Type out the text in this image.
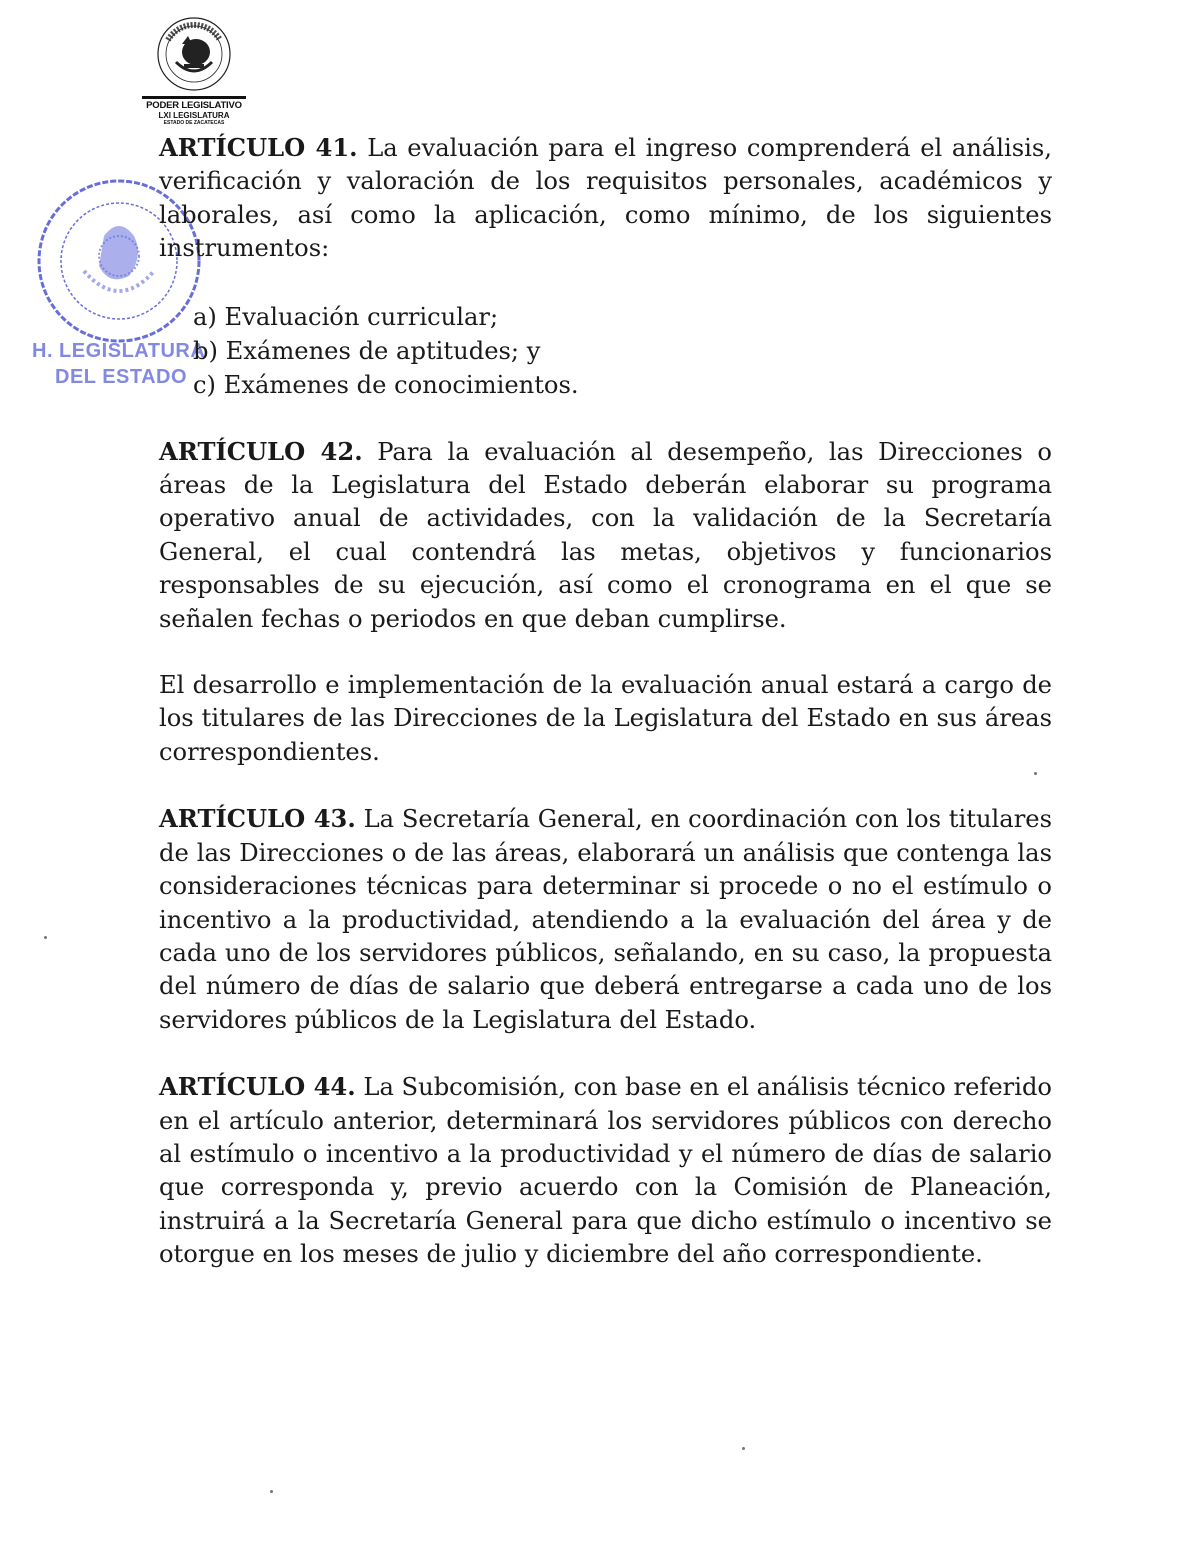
PODER LEGISLATIVO
LXI LEGISLATURA
ESTADO DE ZACATECAS
H. LEGISLATURA
DEL ESTADO

ARTÍCULO 41. La evaluación para el ingreso comprenderá el análisis, verificación y valoración de los requisitos personales, académicos y laborales, así como la aplicación, como mínimo, de los siguientes instrumentos:

a) Evaluación curricular;
b) Exámenes de aptitudes; y
c) Exámenes de conocimientos.

ARTÍCULO 42. Para la evaluación al desempeño, las Direcciones o áreas de la Legislatura del Estado deberán elaborar su programa operativo anual de actividades, con la validación de la Secretaría General, el cual contendrá las metas, objetivos y funcionarios responsables de su ejecución, así como el cronograma en el que se señalen fechas o periodos en que deban cumplirse.

El desarrollo e implementación de la evaluación anual estará a cargo de los titulares de las Direcciones de la Legislatura del Estado en sus áreas correspondientes.

ARTÍCULO 43. La Secretaría General, en coordinación con los titulares de las Direcciones o de las áreas, elaborará un análisis que contenga las consideraciones técnicas para determinar si procede o no el estímulo o incentivo a la productividad, atendiendo a la evaluación del área y de cada uno de los servidores públicos, señalando, en su caso, la propuesta del número de días de salario que deberá entregarse a cada uno de los servidores públicos de la Legislatura del Estado.

ARTÍCULO 44. La Subcomisión, con base en el análisis técnico referido en el artículo anterior, determinará los servidores públicos con derecho al estímulo o incentivo a la productividad y el número de días de salario que corresponda y, previo acuerdo con la Comisión de Planeación, instruirá a la Secretaría General para que dicho estímulo o incentivo se otorgue en los meses de julio y diciembre del año correspondiente.
